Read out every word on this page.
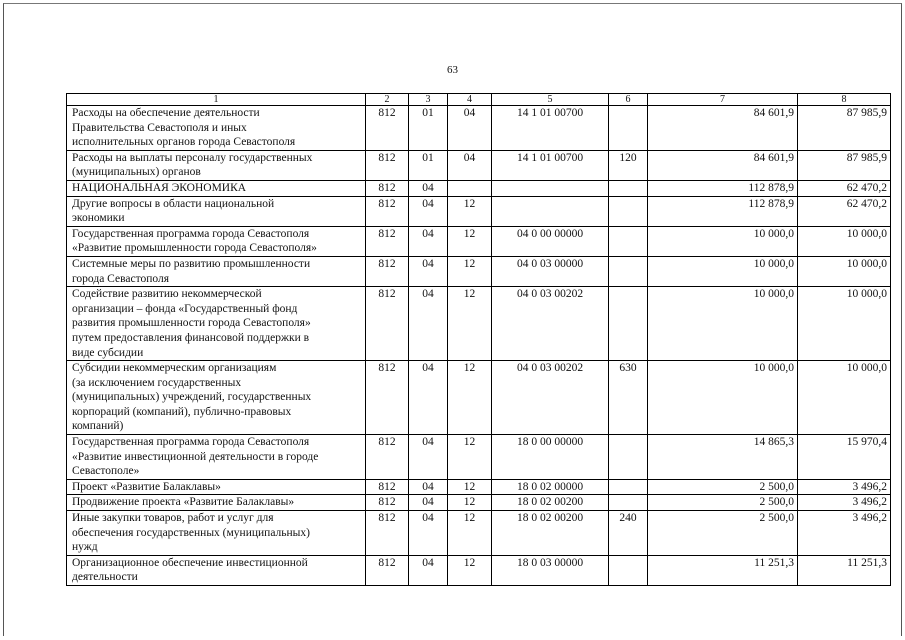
63
1	2	3	4	5	6	7	8

Расходы на обеспечение деятельности
Правительства Севастополя и иных
исполнительных органов города Севастополя	812	01	04	14 1 01 00700		84 601,9	87 985,9

Расходы на выплаты персоналу государственных
(муниципальных) органов	812	01	04	14 1 01 00700	120	84 601,9	87 985,9

НАЦИОНАЛЬНАЯ ЭКОНОМИКА	812	04				112 878,9	62 470,2

Другие вопросы в области национальной
экономики	812	04	12			112 878,9	62 470,2

Государственная программа города Севастополя
«Развитие промышленности города Севастополя»	812	04	12	04 0 00 00000		10 000,0	10 000,0

Системные меры по развитию промышленности
города Севастополя	812	04	12	04 0 03 00000		10 000,0	10 000,0

Содействие развитию некоммерческой
организации – фонда «Государственный фонд
развития промышленности города Севастополя»
путем предоставления финансовой поддержки в
виде субсидии	812	04	12	04 0 03 00202		10 000,0	10 000,0

Субсидии некоммерческим организациям
(за исключением государственных
(муниципальных) учреждений, государственных
корпораций (компаний), публично-правовых
компаний)	812	04	12	04 0 03 00202	630	10 000,0	10 000,0

Государственная программа города Севастополя
«Развитие инвестиционной деятельности в городе
Севастополе»	812	04	12	18 0 00 00000		14 865,3	15 970,4

Проект «Развитие Балаклавы»	812	04	12	18 0 02 00000		2 500,0	3 496,2

Продвижение проекта «Развитие Балаклавы»	812	04	12	18 0 02 00200		2 500,0	3 496,2

Иные закупки товаров, работ и услуг для
обеспечения государственных (муниципальных)
нужд	812	04	12	18 0 02 00200	240	2 500,0	3 496,2

Организационное обеспечение инвестиционной
деятельности	812	04	12	18 0 03 00000		11 251,3	11 251,3
